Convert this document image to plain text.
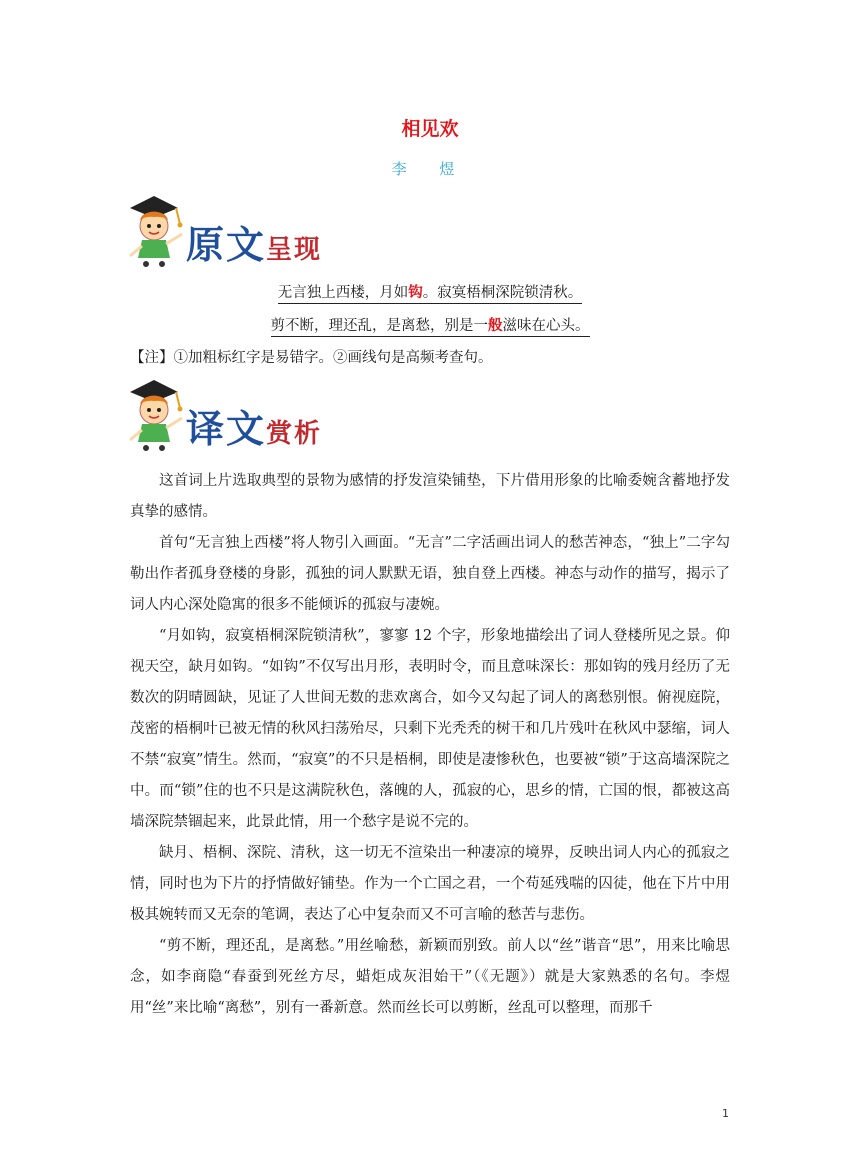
相见欢
李 煜
原文呈现
无言独上西楼，月如钩。寂寞梧桐深院锁清秋。
剪不断，理还乱，是离愁，别是一般滋味在心头。
【注】①加粗标红字是易错字。②画线句是高频考查句。
译文赏析

这首词上片选取典型的景物为感情的抒发渲染铺垫，下片借用形象的比喻委婉含蓄地抒发真挚的感情。

首句“无言独上西楼”将人物引入画面。“无言”二字活画出词人的愁苦神态，“独上”二字勾勒出作者孤身登楼的身影，孤独的词人默默无语，独自登上西楼。神态与动作的描写，揭示了词人内心深处隐寓的很多不能倾诉的孤寂与凄婉。

“月如钩，寂寞梧桐深院锁清秋”，寥寥 12 个字，形象地描绘出了词人登楼所见之景。仰视天空，缺月如钩。“如钩”不仅写出月形，表明时令，而且意味深长：那如钩的残月经历了无数次的阴晴圆缺，见证了人世间无数的悲欢离合，如今又勾起了词人的离愁别恨。俯视庭院，茂密的梧桐叶已被无情的秋风扫荡殆尽，只剩下光秃秃的树干和几片残叶在秋风中瑟缩，词人不禁“寂寞”情生。然而，“寂寞”的不只是梧桐，即使是凄惨秋色，也要被“锁”于这高墙深院之中。而“锁”住的也不只是这满院秋色，落魄的人，孤寂的心，思乡的情，亡国的恨，都被这高墙深院禁锢起来，此景此情，用一个愁字是说不完的。

缺月、梧桐、深院、清秋，这一切无不渲染出一种凄凉的境界，反映出词人内心的孤寂之情，同时也为下片的抒情做好铺垫。作为一个亡国之君，一个苟延残喘的囚徒，他在下片中用极其婉转而又无奈的笔调，表达了心中复杂而又不可言喻的愁苦与悲伤。

“剪不断，理还乱，是离愁。”用丝喻愁，新颖而别致。前人以“丝”谐音“思”，用来比喻思念，如李商隐“春蚕到死丝方尽，蜡炬成灰泪始干”（《无题》）就是大家熟悉的名句。李煜用“丝”来比喻“离愁”，别有一番新意。然而丝长可以剪断，丝乱可以整理，而那千

1
